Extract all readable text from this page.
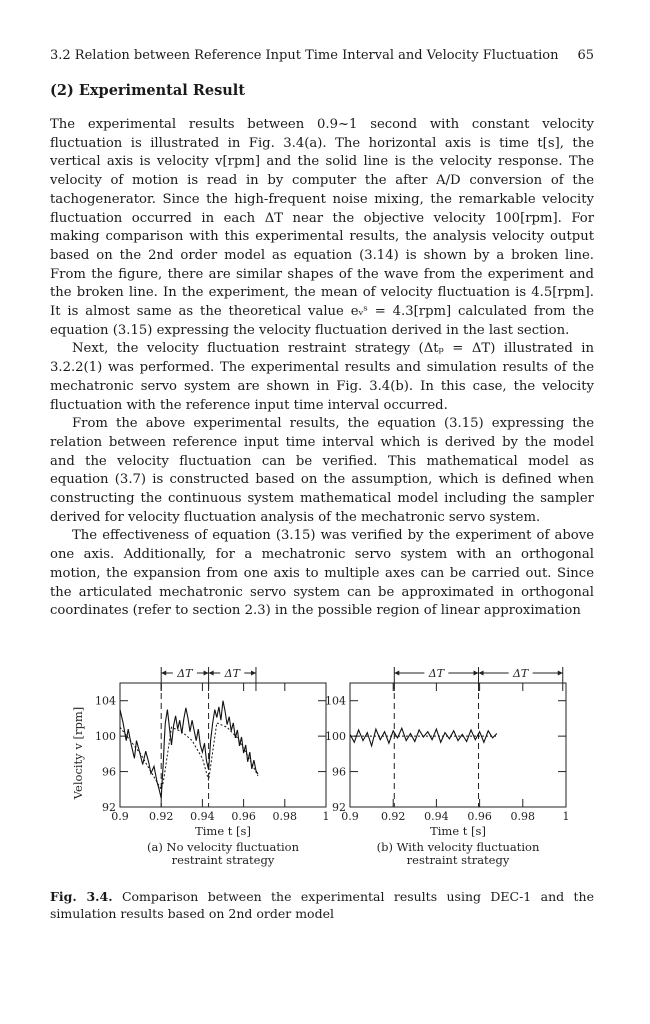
3.2 Relation between Reference Input Time Interval and Velocity Fluctuation 65
(2) Experimental Result

The experimental results between 0.9~1 second with constant velocity fluctuation is illustrated in Fig. 3.4(a). The horizontal axis is time t[s], the vertical axis is velocity v[rpm] and the solid line is the velocity response. The velocity of motion is read in by computer the after A/D conversion of the tachogenerator. Since the high-frequent noise mixing, the remarkable velocity fluctuation occurred in each ΔT near the objective velocity 100[rpm]. For making comparison with this experimental results, the analysis velocity output based on the 2nd order model as equation (3.14) is shown by a broken line. From the figure, there are similar shapes of the wave from the experiment and the broken line. In the experiment, the mean of velocity fluctuation is 4.5[rpm]. It is almost same as the theoretical value eᵥˢ = 4.3[rpm] calculated from the equation (3.15) expressing the velocity fluctuation derived in the last section.

Next, the velocity fluctuation restraint strategy (Δtₚ = ΔT) illustrated in 3.2.2(1) was performed. The experimental results and simulation results of the mechatronic servo system are shown in Fig. 3.4(b). In this case, the velocity fluctuation with the reference input time interval occurred.

From the above experimental results, the equation (3.15) expressing the relation between reference input time interval which is derived by the model and the velocity fluctuation can be verified. This mathematical model as equation (3.7) is constructed based on the assumption, which is defined when constructing the continuous system mathematical model including the sampler derived for velocity fluctuation analysis of the mechatronic servo system.

The effectiveness of equation (3.15) was verified by the experiment of above one axis. Additionally, for a mechatronic servo system with an orthogonal motion, the expansion from one axis to multiple axes can be carried out. Since the articulated mechatronic servo system can be approximated in orthogonal coordinates (refer to section 2.3) in the possible region of linear approximation

Velocity v [rpm]
0.9 0.92 0.94 0.96 0.98 1
92
96
100
104
ΔT	ΔT
Time t [s]
(a) No velocity fluctuation
restraint strategy
0.9 0.92 0.94 0.96 0.98 1
92
96
100
104
ΔT	ΔT
Time t [s]
(b) With velocity fluctuation
restraint strategy
Fig. 3.4. Comparison between the experimental results using DEC-1 and the simulation results based on 2nd order model
